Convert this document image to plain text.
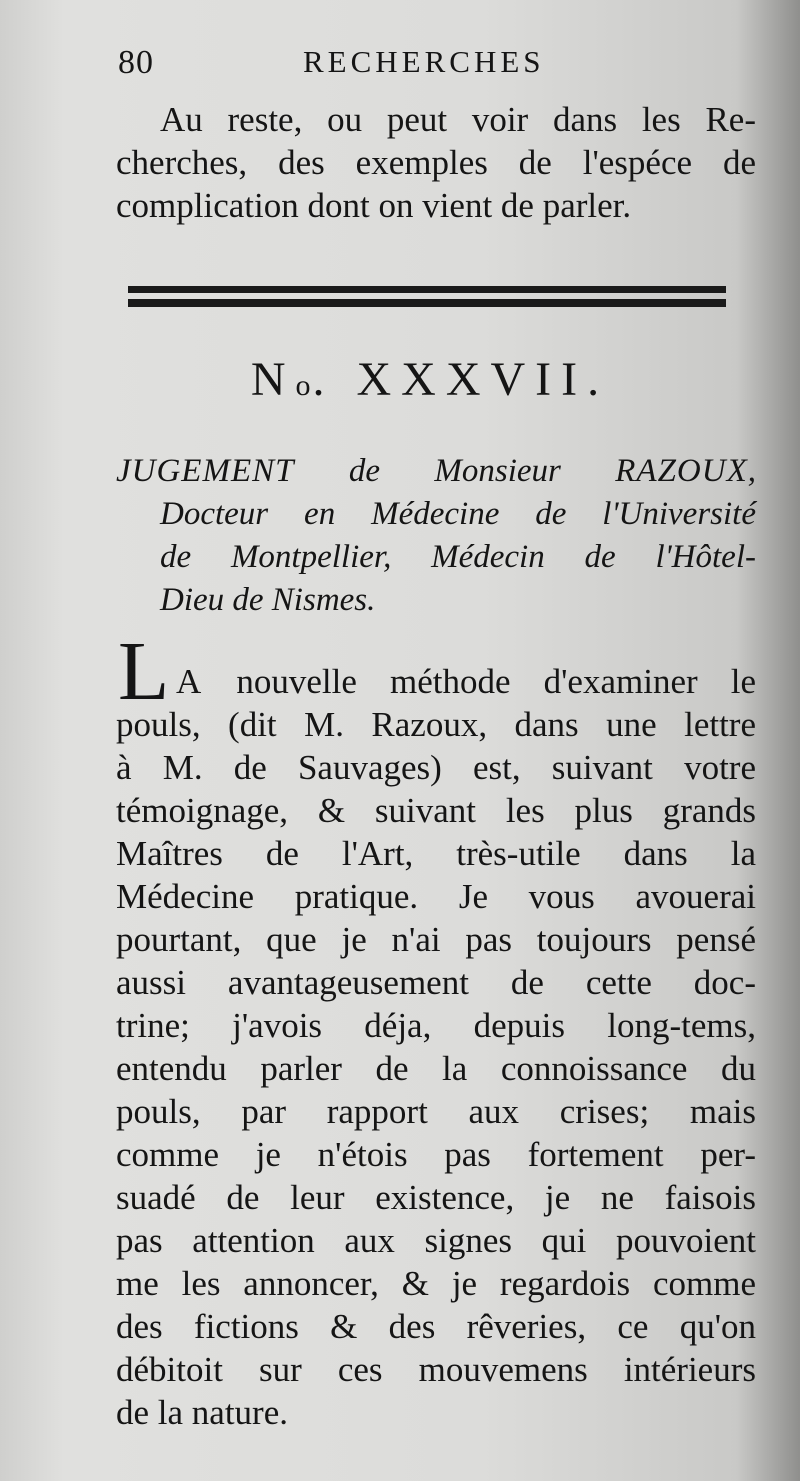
80	RECHERCHES
Au reste, ou peut voir dans les Re-
cherches, des exemples de l'espéce de
complication dont on vient de parler.
No. XXXVII.
JUGEMENT de Monsieur RAZOUX,
Docteur en Médecine de l'Université
de Montpellier, Médecin de l'Hôtel-
Dieu de Nismes.
L A nouvelle méthode d'examiner le
pouls, (dit M. Razoux, dans une lettre
à M. de Sauvages) est, suivant votre
témoignage, & suivant les plus grands
Maîtres de l'Art, très-utile dans la
Médecine pratique. Je vous avouerai
pourtant, que je n'ai pas toujours pensé
aussi avantageusement de cette doc-
trine; j'avois déja, depuis long-tems,
entendu parler de la connoissance du
pouls, par rapport aux crises; mais
comme je n'étois pas fortement per-
suadé de leur existence, je ne faisois
pas attention aux signes qui pouvoient
me les annoncer, & je regardois comme
des fictions & des rêveries, ce qu'on
débitoit sur ces mouvemens intérieurs
de la nature.
